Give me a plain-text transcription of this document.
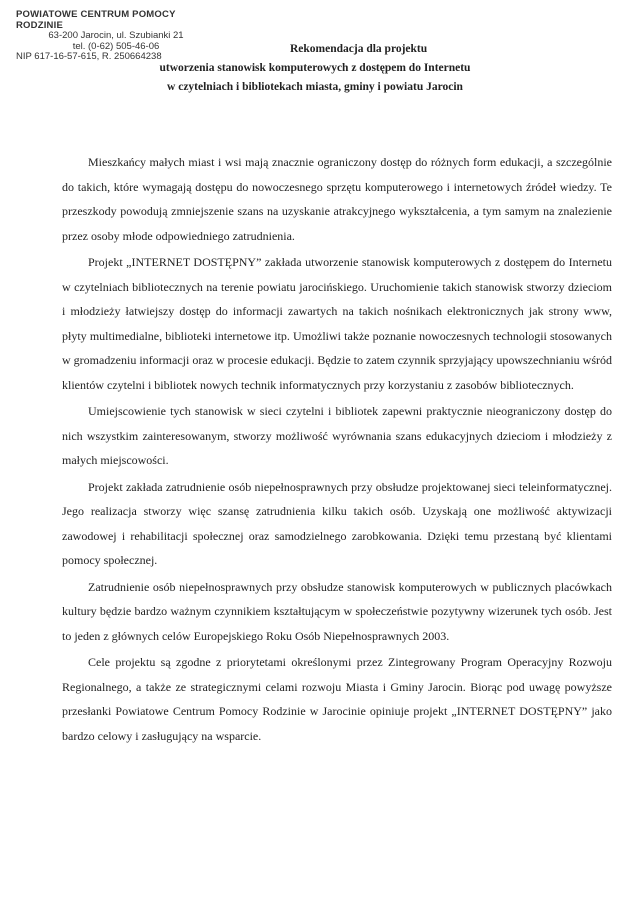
POWIATOWE CENTRUM POMOCY RODZINIE
63-200 Jarocin, ul. Szubianki 21
tel. (0-62) 505-46-06
NIP 617-16-57-615, R. 250664238
Rekomendacja dla projektu
utworzenia stanowisk komputerowych z dostępem do Internetu
w czytelniach i bibliotekach miasta, gminy i powiatu Jarocin

Mieszkańcy małych miast i wsi mają znacznie ograniczony dostęp do różnych form edukacji, a szczególnie do takich, które wymagają dostępu do nowoczesnego sprzętu komputerowego i internetowych źródeł wiedzy. Te przeszkody powodują zmniejszenie szans na uzyskanie atrakcyjnego wykształcenia, a tym samym na znalezienie przez osoby młode odpowiedniego zatrudnienia.

Projekt „INTERNET DOSTĘPNY” zakłada utworzenie stanowisk komputerowych z dostępem do Internetu w czytelniach bibliotecznych na terenie powiatu jarocińskiego. Uruchomienie takich stanowisk stworzy dzieciom i młodzieży łatwiejszy dostęp do informacji zawartych na takich nośnikach elektronicznych jak strony www, płyty multimedialne, biblioteki internetowe itp. Umożliwi także poznanie nowoczesnych technologii stosowanych w gromadzeniu informacji oraz w procesie edukacji. Będzie to zatem czynnik sprzyjający upowszechnianiu wśród klientów czytelni i bibliotek nowych technik informatycznych przy korzystaniu z zasobów bibliotecznych.

Umiejscowienie tych stanowisk w sieci czytelni i bibliotek zapewni praktycznie nieograniczony dostęp do nich wszystkim zainteresowanym, stworzy możliwość wyrównania szans edukacyjnych dzieciom i młodzieży z małych miejscowości.

Projekt zakłada zatrudnienie osób niepełnosprawnych przy obsłudze projektowanej sieci teleinformatycznej. Jego realizacja stworzy więc szansę zatrudnienia kilku takich osób. Uzyskają one możliwość aktywizacji zawodowej i rehabilitacji społecznej oraz samodzielnego zarobkowania. Dzięki temu przestaną być klientami pomocy społecznej.

Zatrudnienie osób niepełnosprawnych przy obsłudze stanowisk komputerowych w publicznych placówkach kultury będzie bardzo ważnym czynnikiem kształtującym w społeczeństwie pozytywny wizerunek tych osób. Jest to jeden z głównych celów Europejskiego Roku Osób Niepełnosprawnych 2003.

Cele projektu są zgodne z priorytetami określonymi przez Zintegrowany Program Operacyjny Rozwoju Regionalnego, a także ze strategicznymi celami rozwoju Miasta i Gminy Jarocin. Biorąc pod uwagę powyższe przesłanki Powiatowe Centrum Pomocy Rodzinie w Jarocinie opiniuje projekt „INTERNET DOSTĘPNY” jako bardzo celowy i zasługujący na wsparcie.
